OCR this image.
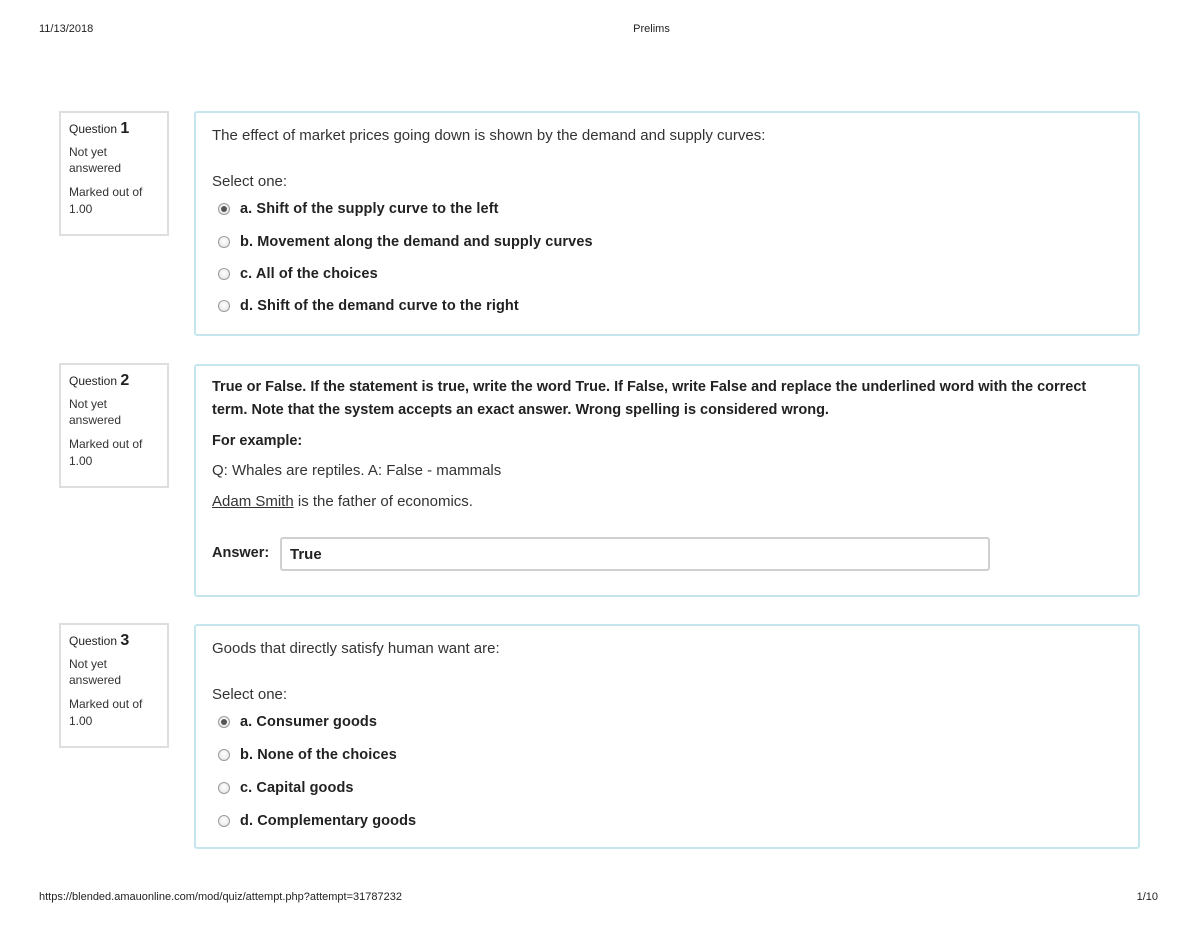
11/13/2018	Prelims
Question 1
Not yet answered
Marked out of 1.00
The effect of market prices going down is shown by the demand and supply curves:
Select one:
a. Shift of the supply curve to the left
b. Movement along the demand and supply curves
c. All of the choices
d. Shift of the demand curve to the right
Question 2
Not yet answered
Marked out of 1.00
True or False. If the statement is true, write the word True. If False, write False and replace the underlined word with the correct term. Note that the system accepts an exact answer. Wrong spelling is considered wrong.
For example:
Q: Whales are reptiles. A: False - mammals
Adam Smith is the father of economics.
Answer:
True
Question 3
Not yet answered
Marked out of 1.00
Goods that directly satisfy human want are:
Select one:
a. Consumer goods
b. None of the choices
c. Capital goods
d. Complementary goods
https://blended.amauonline.com/mod/quiz/attempt.php?attempt=31787232	1/10
